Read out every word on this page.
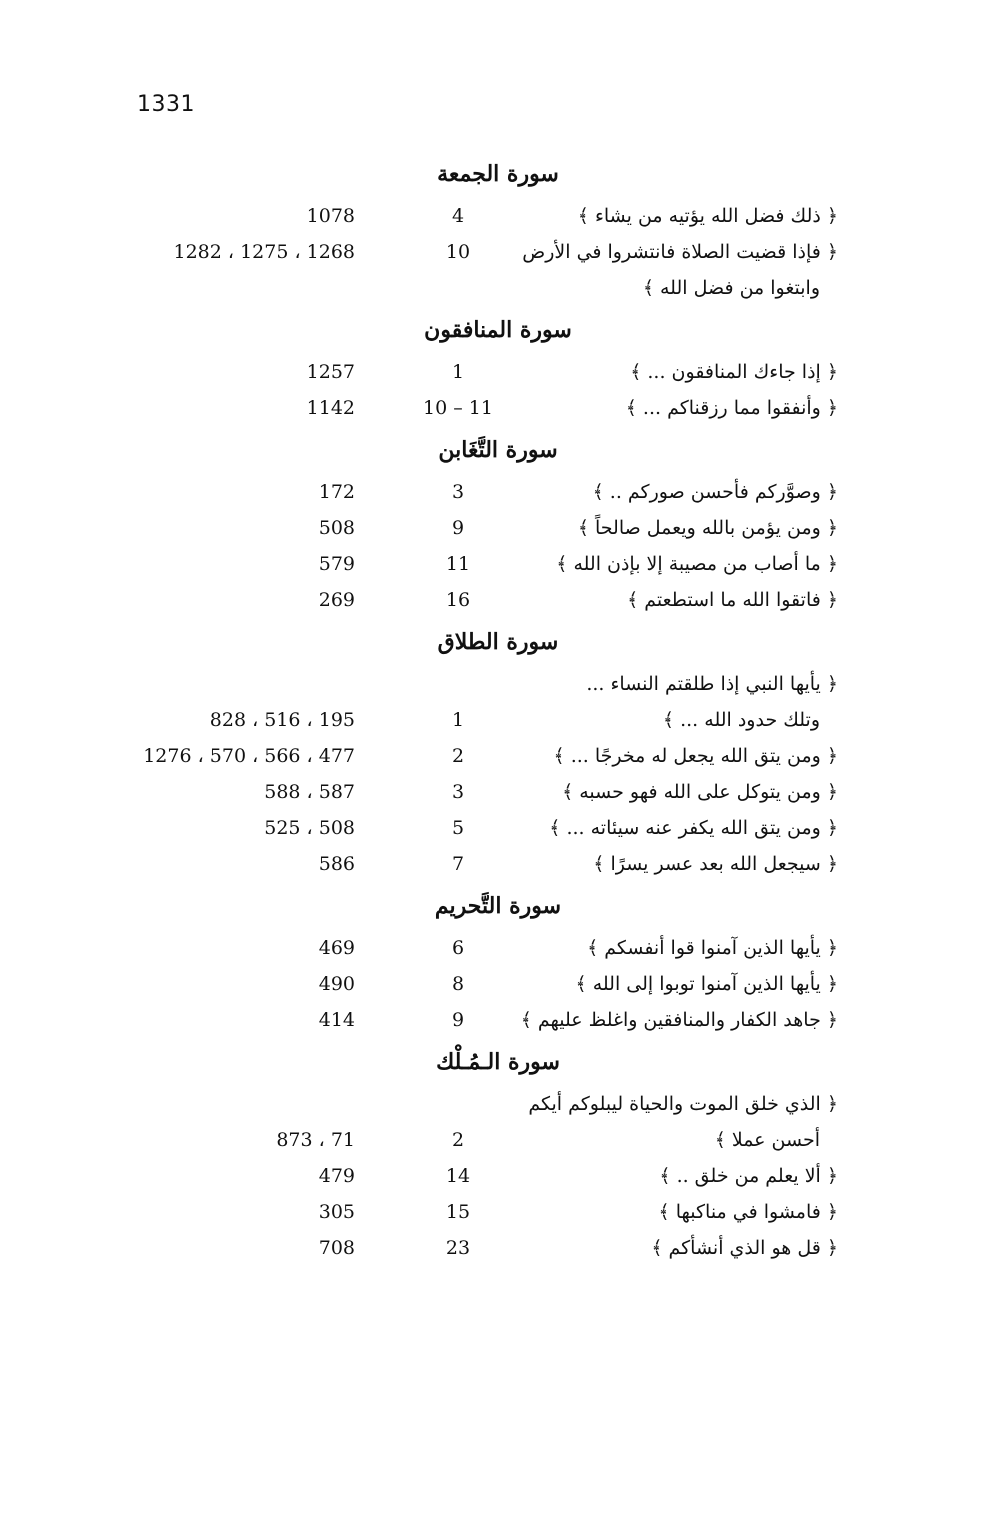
1331
سورة الجمعة
﴿ ذلك فضل الله يؤتيه من يشاء ﴾
4
1078
﴿ فإذا قضيت الصلاة فانتشروا في الأرض
وابتغوا من فضل الله ﴾
10
1268 ، 1275 ، 1282
سورة المنافقون
﴿ إذا جاءك المنافقون ... ﴾
1
1257
﴿ وأنفقوا مما رزقناكم ... ﴾
10 – 11
1142
سورة التَّغَابن
﴿ وصوَّركم فأحسن صوركم .. ﴾
3
172
﴿ ومن يؤمن بالله ويعمل صالحاً ﴾
9
508
﴿ ما أصاب من مصيبة إلا بإذن الله ﴾
11
579
﴿ فاتقوا الله ما استطعتم ﴾
16
269
سورة الطلاق
﴿ يأيها النبي إذا طلقتم النساء ...
وتلك حدود الله ... ﴾
1
195 ، 516 ، 828
﴿ ومن يتق الله يجعل له مخرجًا ... ﴾
2
477 ، 566 ، 570 ، 1276
﴿ ومن يتوكل على الله فهو حسبه ﴾
3
587 ، 588
﴿ ومن يتق الله يكفر عنه سيئاته ... ﴾
5
508 ، 525
﴿ سيجعل الله بعد عسر يسرًا ﴾
7
586
سورة التَّحريم
﴿ يأيها الذين آمنوا قوا أنفسكم ﴾
6
469
﴿ يأيها الذين آمنوا توبوا إلى الله ﴾
8
490
﴿ جاهد الكفار والمنافقين واغلظ عليهم ﴾
9
414
سورة الـمُـلْك
﴿ الذي خلق الموت والحياة ليبلوكم أيكم
أحسن عملا ﴾
2
71 ، 873
﴿ ألا يعلم من خلق .. ﴾
14
479
﴿ فامشوا في مناكبها ﴾
15
305
﴿ قل هو الذي أنشأكم ﴾
23
708
